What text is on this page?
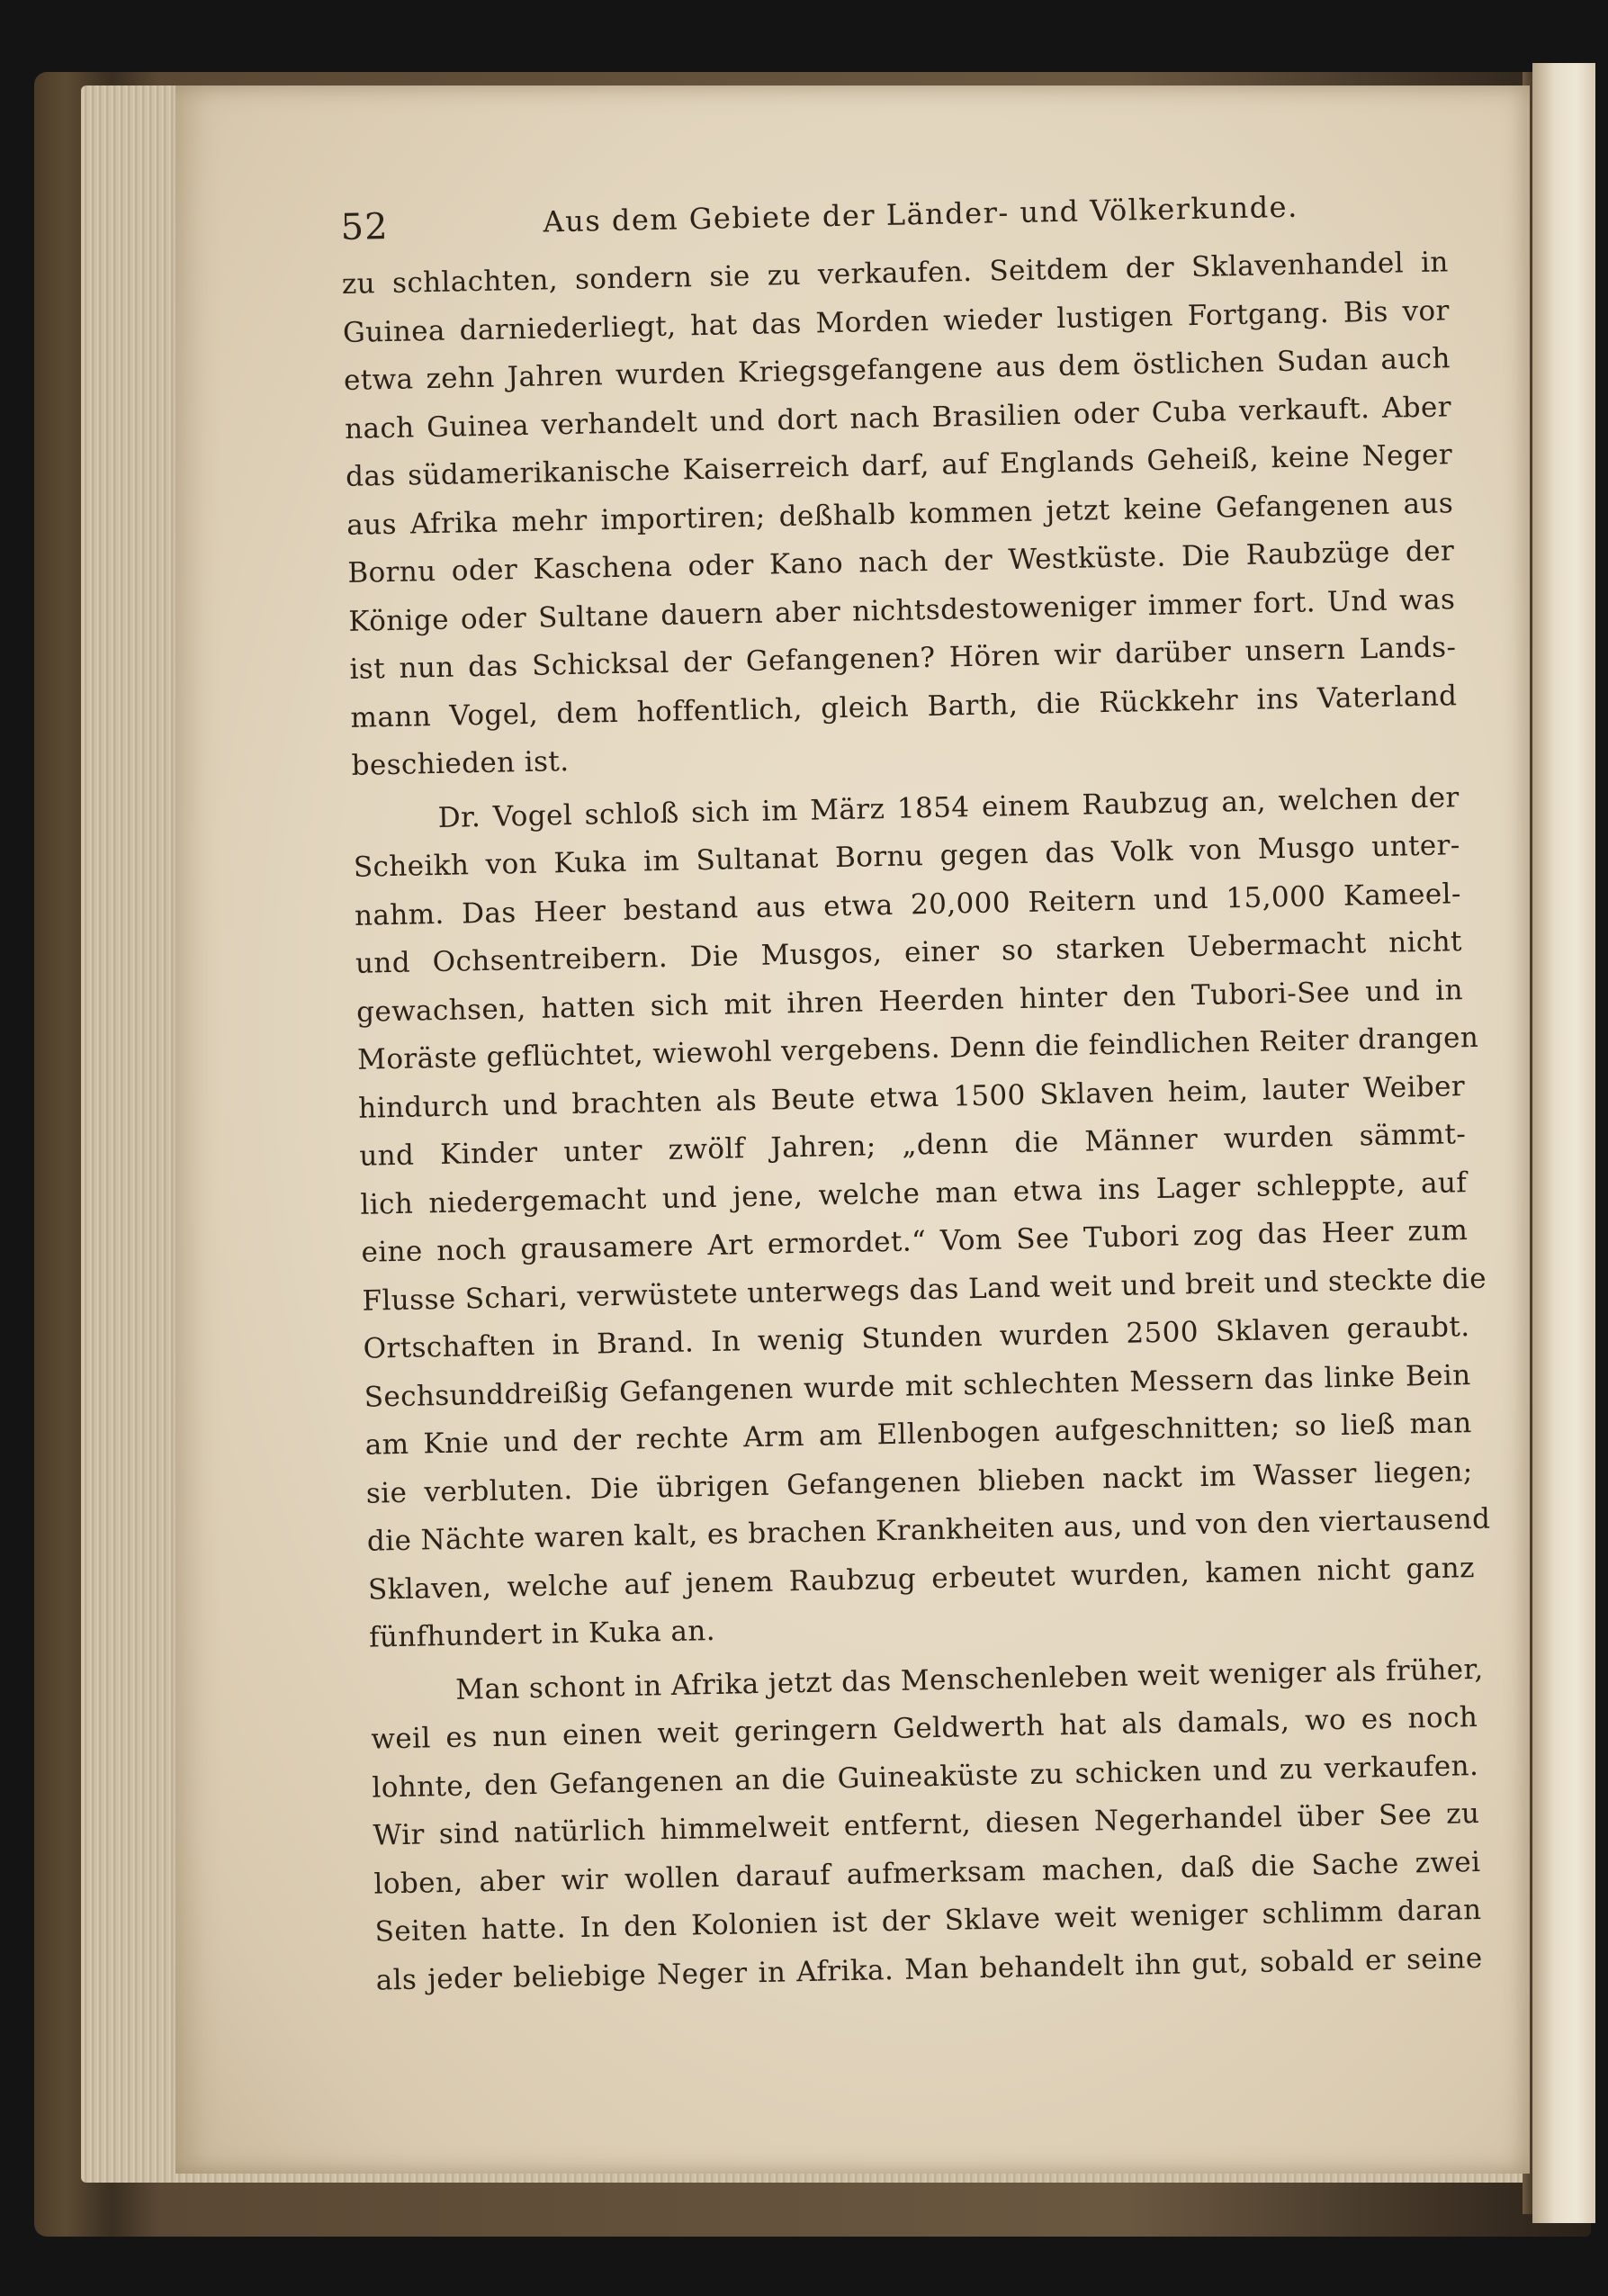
52	Aus dem Gebiete der Länder- und Völkerkunde.
zu schlachten, sondern sie zu verkaufen. Seitdem der Sklavenhandel in
Guinea darniederliegt, hat das Morden wieder lustigen Fortgang. Bis vor
etwa zehn Jahren wurden Kriegsgefangene aus dem östlichen Sudan auch
nach Guinea verhandelt und dort nach Brasilien oder Cuba verkauft. Aber
das südamerikanische Kaiserreich darf, auf Englands Geheiß, keine Neger
aus Afrika mehr importiren; deßhalb kommen jetzt keine Gefangenen aus
Bornu oder Kaschena oder Kano nach der Westküste. Die Raubzüge der
Könige oder Sultane dauern aber nichtsdestoweniger immer fort. Und was
ist nun das Schicksal der Gefangenen? Hören wir darüber unsern Lands-
mann Vogel, dem hoffentlich, gleich Barth, die Rückkehr ins Vaterland
beschieden ist.
Dr. Vogel schloß sich im März 1854 einem Raubzug an, welchen der
Scheikh von Kuka im Sultanat Bornu gegen das Volk von Musgo unter-
nahm. Das Heer bestand aus etwa 20,000 Reitern und 15,000 Kameel-
und Ochsentreibern. Die Musgos, einer so starken Uebermacht nicht
gewachsen, hatten sich mit ihren Heerden hinter den Tubori-See und in
Moräste geflüchtet, wiewohl vergebens. Denn die feindlichen Reiter drangen
hindurch und brachten als Beute etwa 1500 Sklaven heim, lauter Weiber
und Kinder unter zwölf Jahren; „denn die Männer wurden sämmt-
lich niedergemacht und jene, welche man etwa ins Lager schleppte, auf
eine noch grausamere Art ermordet.“ Vom See Tubori zog das Heer zum
Flusse Schari, verwüstete unterwegs das Land weit und breit und steckte die
Ortschaften in Brand. In wenig Stunden wurden 2500 Sklaven geraubt.
Sechsunddreißig Gefangenen wurde mit schlechten Messern das linke Bein
am Knie und der rechte Arm am Ellenbogen aufgeschnitten; so ließ man
sie verbluten. Die übrigen Gefangenen blieben nackt im Wasser liegen;
die Nächte waren kalt, es brachen Krankheiten aus, und von den viertausend
Sklaven, welche auf jenem Raubzug erbeutet wurden, kamen nicht ganz
fünfhundert in Kuka an.
Man schont in Afrika jetzt das Menschenleben weit weniger als früher,
weil es nun einen weit geringern Geldwerth hat als damals, wo es noch
lohnte, den Gefangenen an die Guineaküste zu schicken und zu verkaufen.
Wir sind natürlich himmelweit entfernt, diesen Negerhandel über See zu
loben, aber wir wollen darauf aufmerksam machen, daß die Sache zwei
Seiten hatte. In den Kolonien ist der Sklave weit weniger schlimm daran
als jeder beliebige Neger in Afrika. Man behandelt ihn gut, sobald er seine
